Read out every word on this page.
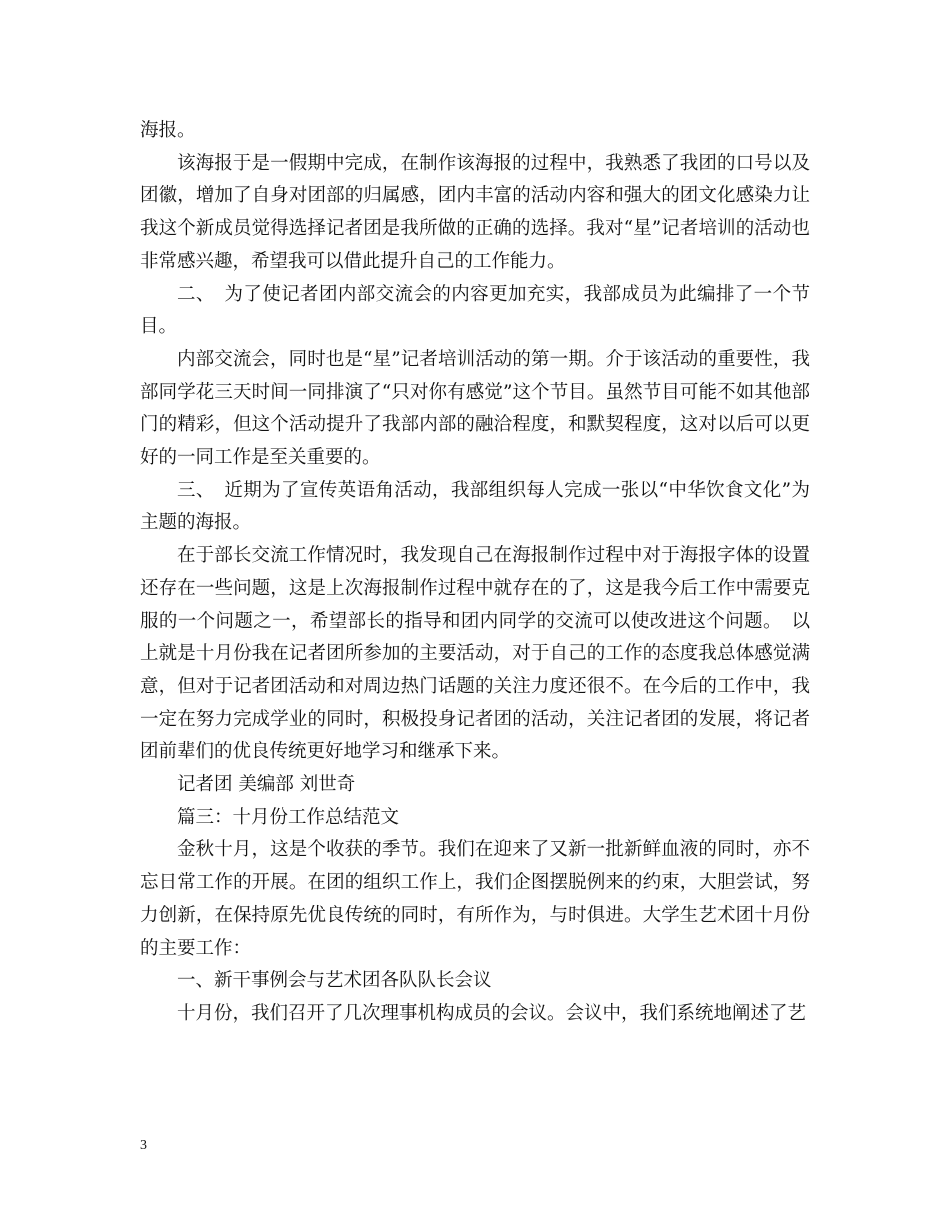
海报。

该海报于是一假期中完成，在制作该海报的过程中，我熟悉了我团的口号以及团徽，增加了自身对团部的归属感，团内丰富的活动内容和强大的团文化感染力让我这个新成员觉得选择记者团是我所做的正确的选择。我对“星”记者培训的活动也非常感兴趣，希望我可以借此提升自己的工作能力。

二、　为了使记者团内部交流会的内容更加充实，我部成员为此编排了一个节目。

内部交流会，同时也是“星”记者培训活动的第一期。介于该活动的重要性，我部同学花三天时间一同排演了“只对你有感觉”这个节目。虽然节目可能不如其他部门的精彩，但这个活动提升了我部内部的融洽程度，和默契程度，这对以后可以更好的一同工作是至关重要的。

三、　近期为了宣传英语角活动，我部组织每人完成一张以“中华饮食文化”为主题的海报。

在于部长交流工作情况时，我发现自己在海报制作过程中对于海报字体的设置还存在一些问题，这是上次海报制作过程中就存在的了，这是我今后工作中需要克服的一个问题之一，希望部长的指导和团内同学的交流可以使改进这个问题。　以上就是十月份我在记者团所参加的主要活动，对于自己的工作的态度我总体感觉满意，但对于记者团活动和对周边热门话题的关注力度还很不。在今后的工作中，我一定在努力完成学业的同时，积极投身记者团的活动，关注记者团的发展，将记者团前辈们的优良传统更好地学习和继承下来。

记者团 美编部 刘世奇

篇三：十月份工作总结范文

金秋十月，这是个收获的季节。我们在迎来了又新一批新鲜血液的同时，亦不忘日常工作的开展。在团的组织工作上，我们企图摆脱例来的约束，大胆尝试，努力创新，在保持原先优良传统的同时，有所作为，与时俱进。大学生艺术团十月份的主要工作：

一、新干事例会与艺术团各队队长会议

十月份，我们召开了几次理事机构成员的会议。会议中，我们系统地阐述了艺

3
